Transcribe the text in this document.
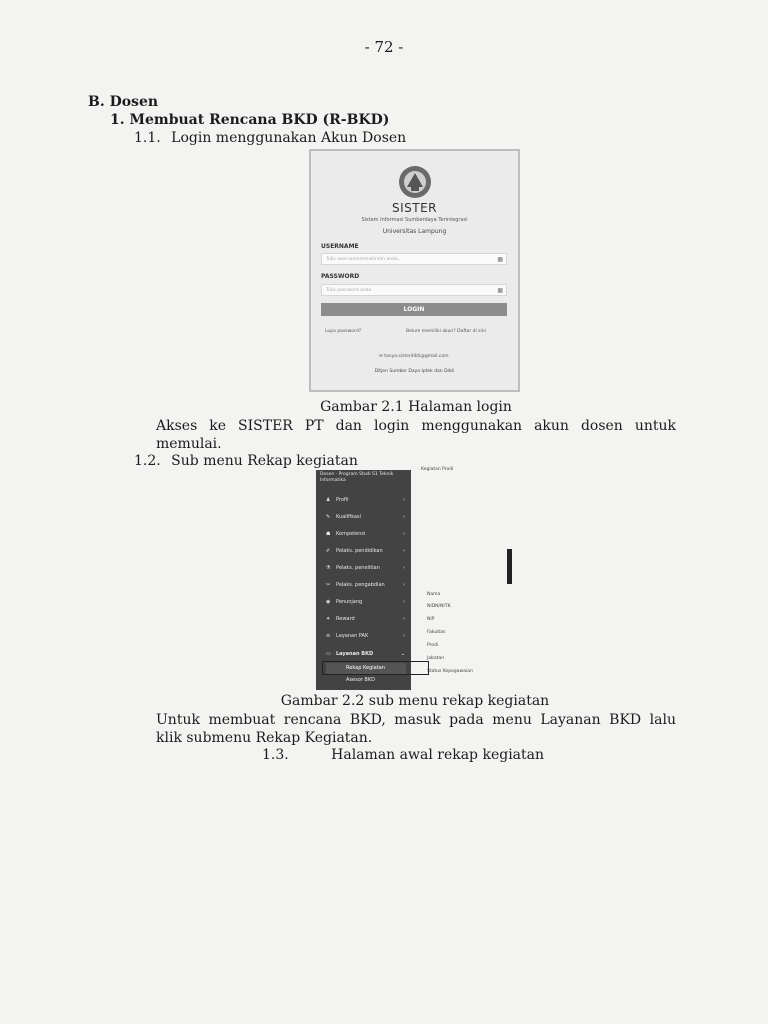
- 72 -
B. Dosen
1. Membuat Rencana BKD (R-BKD)
1.1. Login menggunakan Akun Dosen
SISTER
Sistem Informasi Sumberdaya Terintegrasi
Universitas Lampung
USERNAME
Tulis username/email/nidn anda...	▦
PASSWORD
Tulis password anda	▦
LOGIN
Lupa password?	Belum memiliki akun? Daftar di sini
✉ tanya.sisterdikti@gmail.com
Ditjen Sumber Daya Iptek dan Dikti
Gambar 2.1 Halaman login
Akses ke SISTER PT dan login menggunakan akun dosen untuk
memulai.
1.2. Sub menu Rekap kegiatan
Dosen - Program Studi S1 Teknik Informatika
♟ Profil	›
✎ Kualifikasi	›
☗ Kompetensi	›
✐ Pelaks. pendidikan	›
⚗ Pelaks. penelitian	›
✂ Pelaks. pengabdian	›
◉ Penunjang	›
✦ Reward	›
≡ Layanan PAK	›
▭ Layanan BKD	⌄
Rekap Kegiatan
Asesor BKD
Kegiatan Prodi
Nama
NIDN/NITK
NIP
Fakultas
Prodi
Jabatan
Status Kepegawaian
Gambar 2.2 sub menu rekap kegiatan
Untuk membuat rencana BKD, masuk pada menu Layanan BKD lalu
klik submenu Rekap Kegiatan.
1.3.	Halaman awal rekap kegiatan
